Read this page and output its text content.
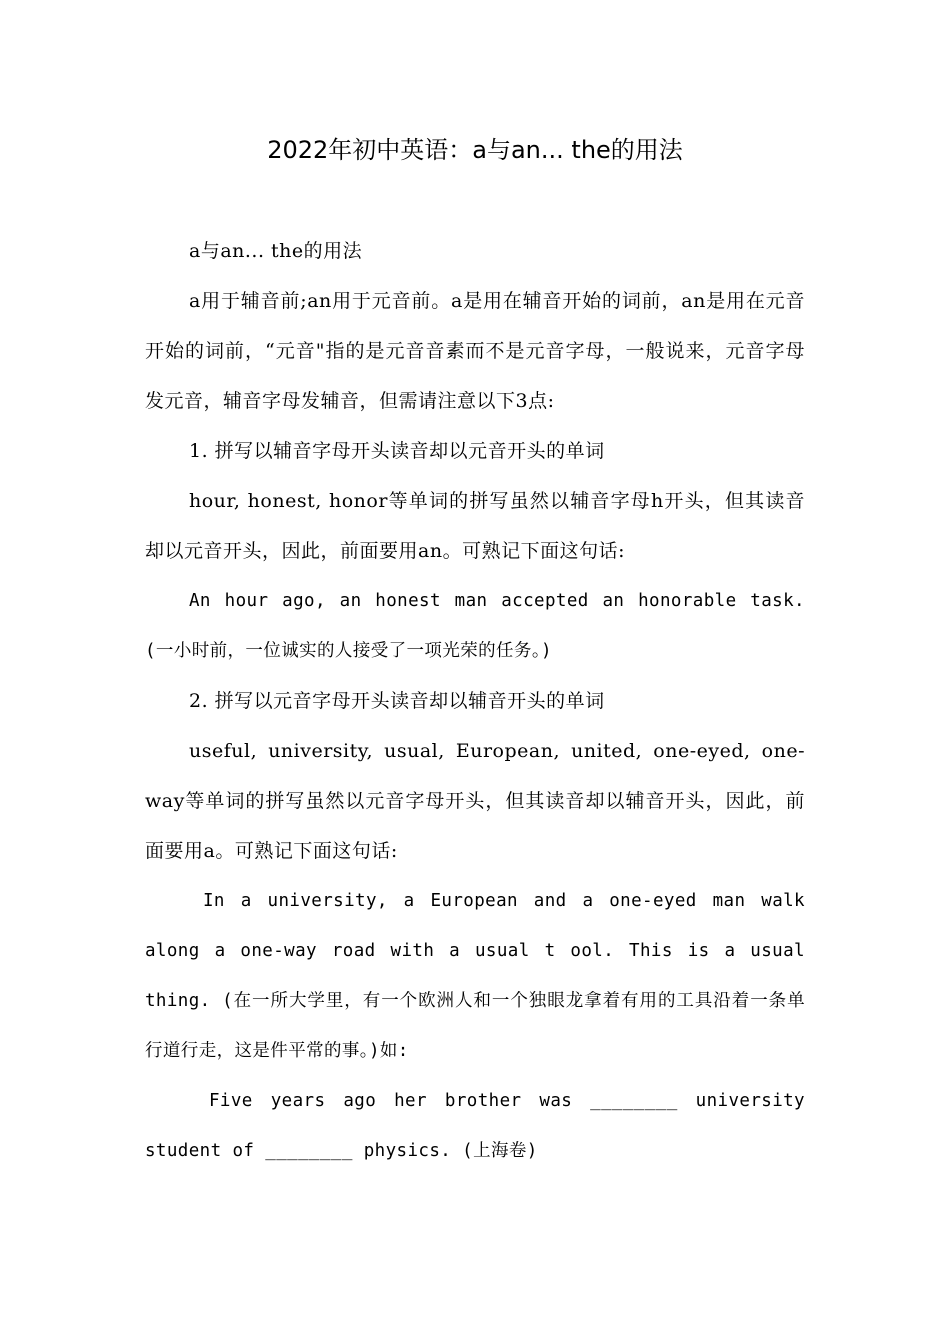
2022年初中英语：a与an... the的用法

a与an... the的用法

a用于辅音前;an用于元音前。a是用在辅音开始的词前，an是用在元音开始的词前，“元音"指的是元音音素而不是元音字母，一般说来，元音字母发元音，辅音字母发辅音，但需请注意以下3点:

1. 拼写以辅音字母开头读音却以元音开头的单词

hour, honest, honor等单词的拼写虽然以辅音字母h开头，但其读音却以元音开头，因此，前面要用an。可熟记下面这句话:

An hour ago, an honest man accepted an honorable task.(一小时前，一位诚实的人接受了一项光荣的任务。)

2. 拼写以元音字母开头读音却以辅音开头的单词

useful, university, usual, European, united, one-eyed, one-way等单词的拼写虽然以元音字母开头，但其读音却以辅音开头，因此，前面要用a。可熟记下面这句话:

In a university, a European and a one-eyed man walk along a one-way road with a usual t ool. This is a usual thing. (在一所大学里，有一个欧洲人和一个独眼龙拿着有用的工具沿着一条单行道行走，这是件平常的事。)如:

Five years ago her brother was ________ university student of ________ physics. (上海卷)
